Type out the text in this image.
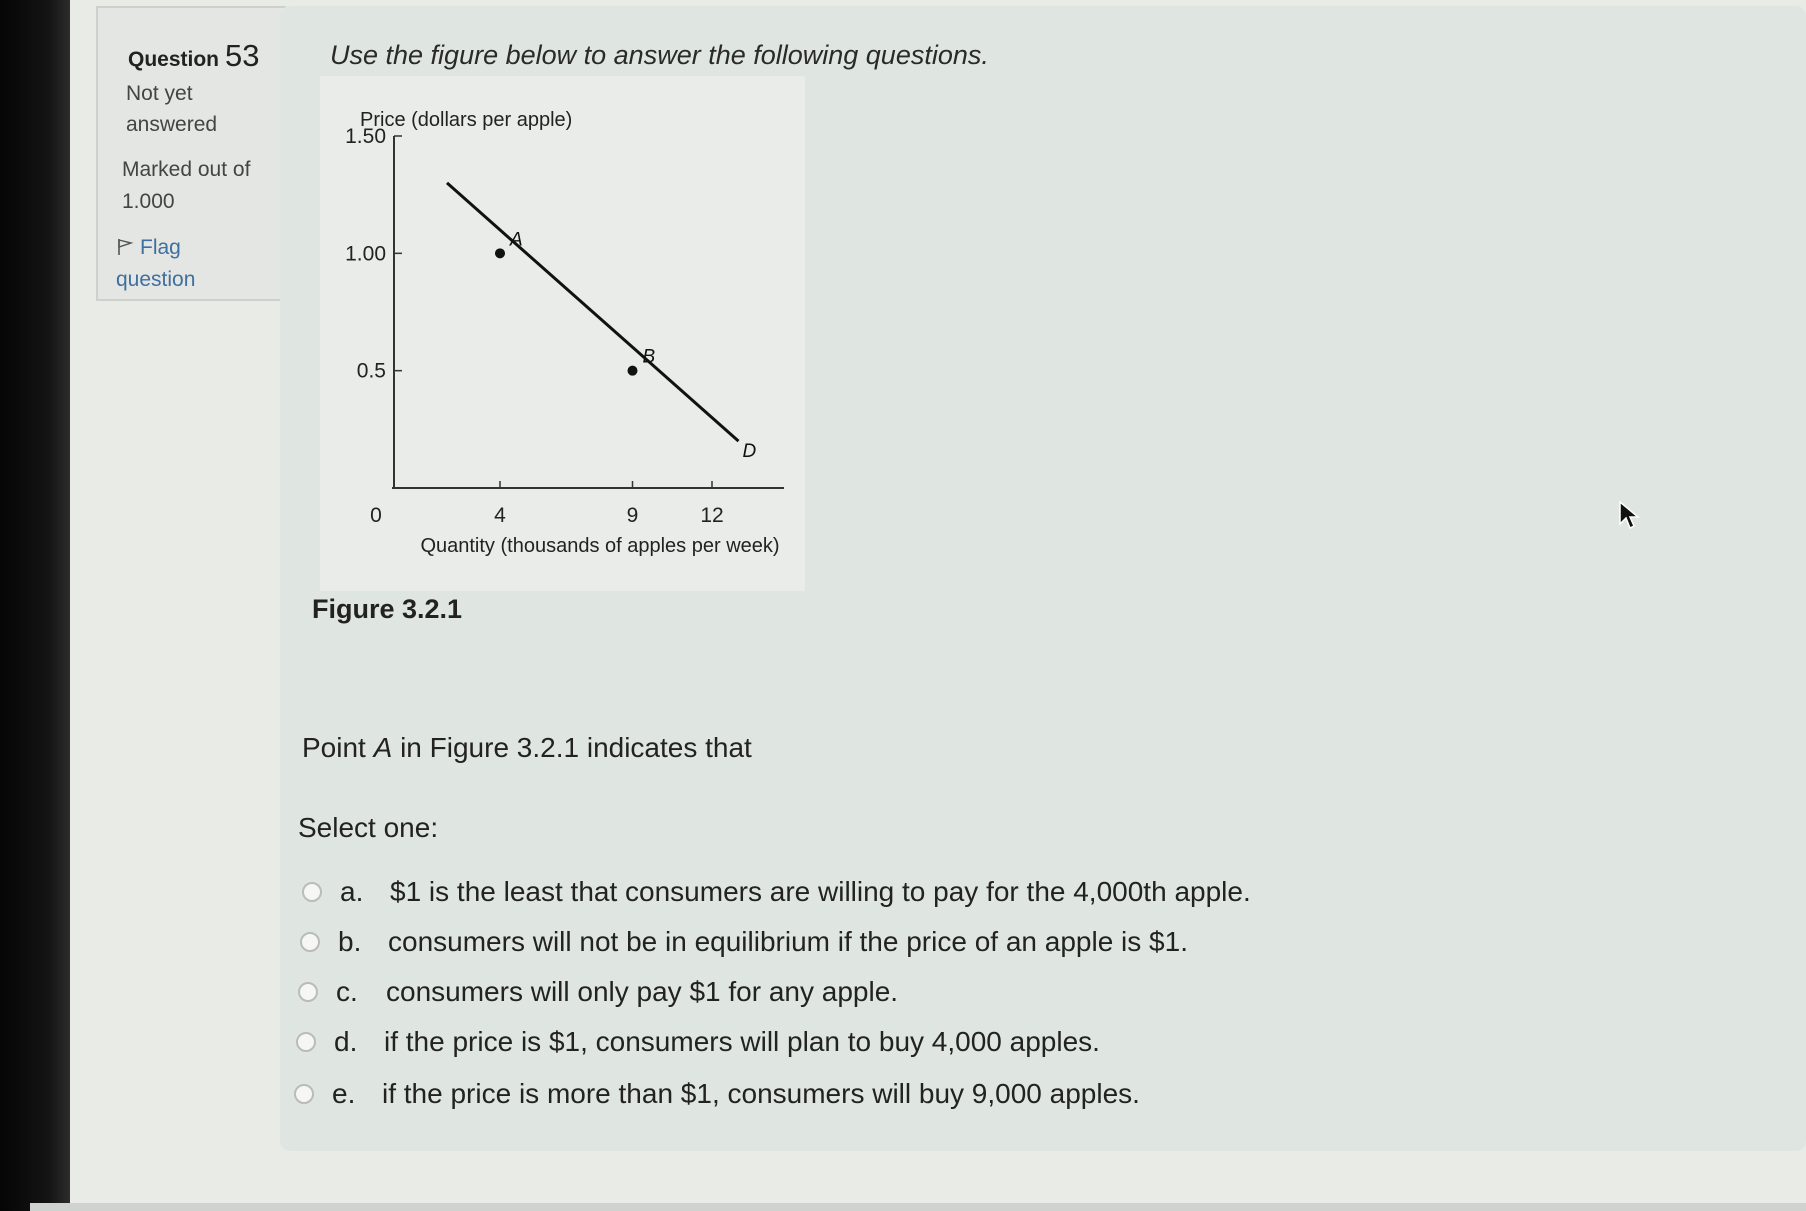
Question 53
Not yet answered
Marked out of 1.000
Flag question
Use the figure below to answer the following questions.
Price (dollars per apple)
0	4	9	12
0.5
1.00
1.50
D
A
B
Quantity (thousands of apples per week)
Figure 3.2.1
Point A in Figure 3.2.1 indicates that
Select one:
a. $1 is the least that consumers are willing to pay for the 4,000th apple.
b. consumers will not be in equilibrium if the price of an apple is $1.
c.	consumers will only pay $1 for any apple.
d. if the price is $1, consumers will plan to buy 4,000 apples.
e. if the price is more than $1, consumers will buy 9,000 apples.
